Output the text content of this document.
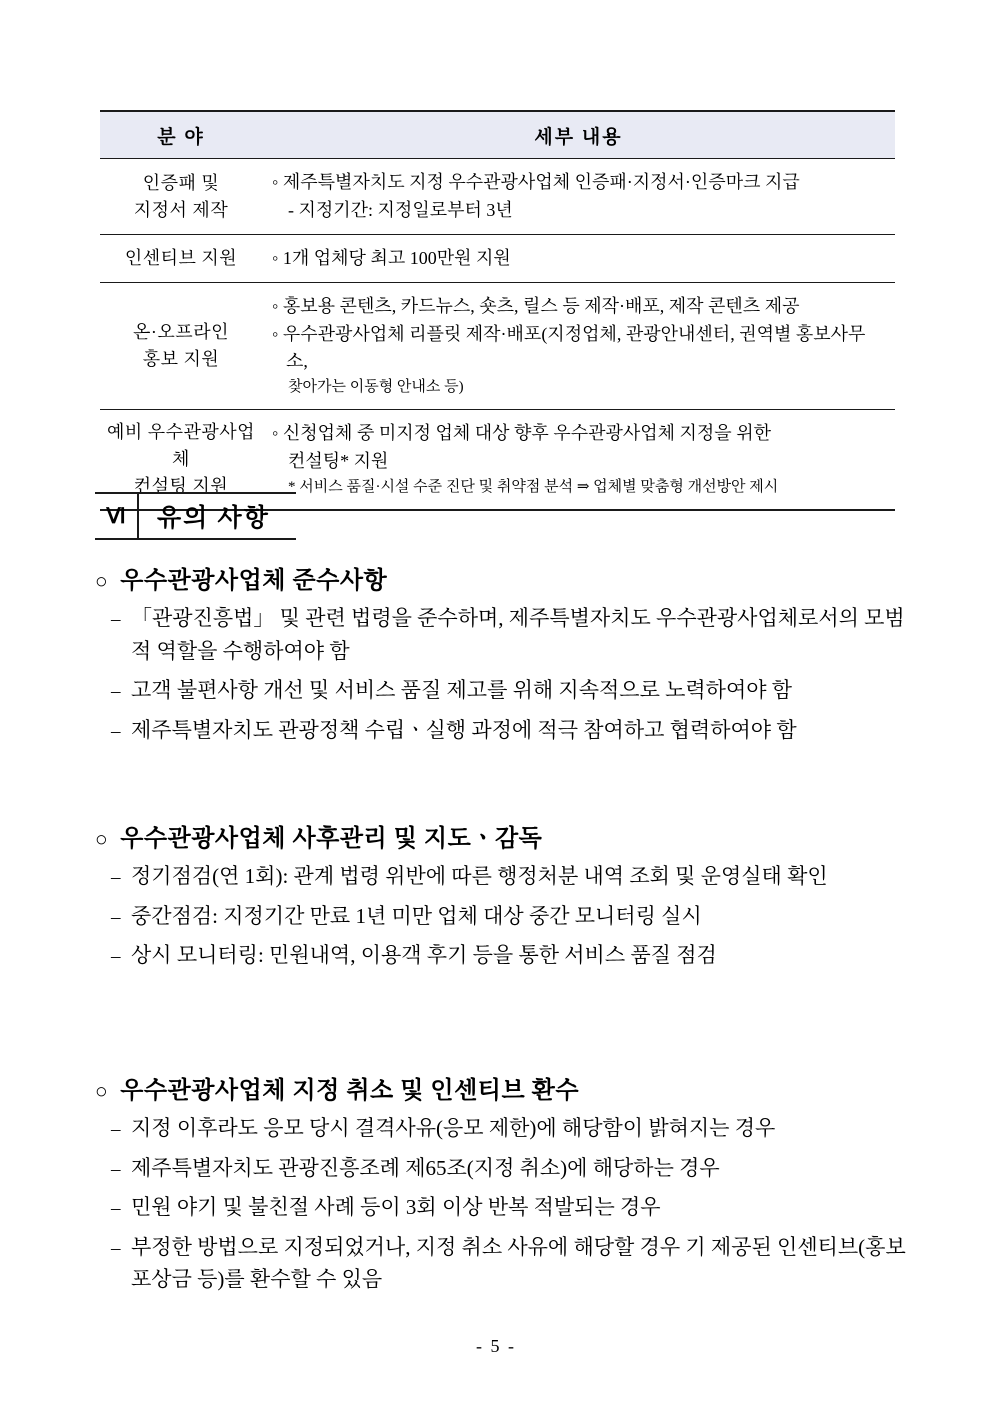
분 야	세부 내용
인증패 및
지정서 제작	◦ 제주특별자치도 지정 우수관광사업체 인증패·지정서·인증마크 지급
- 지정기간: 지정일로부터 3년

인센티브 지원	◦ 1개 업체당 최고 100만원 지원

온·오프라인
홍보 지원	◦ 홍보용 콘텐츠, 카드뉴스, 숏츠, 릴스 등 제작·배포, 제작 콘텐츠 제공
◦ 우수관광사업체 리플릿 제작·배포(지정업체, 관광안내센터, 권역별 홍보사무소,
찾아가는 이동형 안내소 등)

예비 우수관광사업체
컨설팅 지원	◦ 신청업체 중 미지정 업체 대상 향후 우수관광사업체 지정을 위한
컨설팅* 지원
* 서비스 품질·시설 수준 진단 및 취약점 분석 ⇒ 업체별 맞춤형 개선방안 제시
Ⅵ	유의 사항
○ 우수관광사업체 준수사항
– 「관광진흥법」 및 관련 법령을 준수하며, 제주특별자치도 우수관광사업체로서의 모범적 역할을 수행하여야 함
– 고객 불편사항 개선 및 서비스 품질 제고를 위해 지속적으로 노력하여야 함
– 제주특별자치도 관광정책 수립ㆍ실행 과정에 적극 참여하고 협력하여야 함
○ 우수관광사업체 사후관리 및 지도ㆍ감독
– 정기점검(연 1회): 관계 법령 위반에 따른 행정처분 내역 조회 및 운영실태 확인
– 중간점검: 지정기간 만료 1년 미만 업체 대상 중간 모니터링 실시
– 상시 모니터링: 민원내역, 이용객 후기 등을 통한 서비스 품질 점검
○ 우수관광사업체 지정 취소 및 인센티브 환수
– 지정 이후라도 응모 당시 결격사유(응모 제한)에 해당함이 밝혀지는 경우
– 제주특별자치도 관광진흥조례 제65조(지정 취소)에 해당하는 경우
– 민원 야기 및 불친절 사례 등이 3회 이상 반복 적발되는 경우
– 부정한 방법으로 지정되었거나, 지정 취소 사유에 해당할 경우 기 제공된 인센티브(홍보포상금 등)를 환수할 수 있음
- 5 -
